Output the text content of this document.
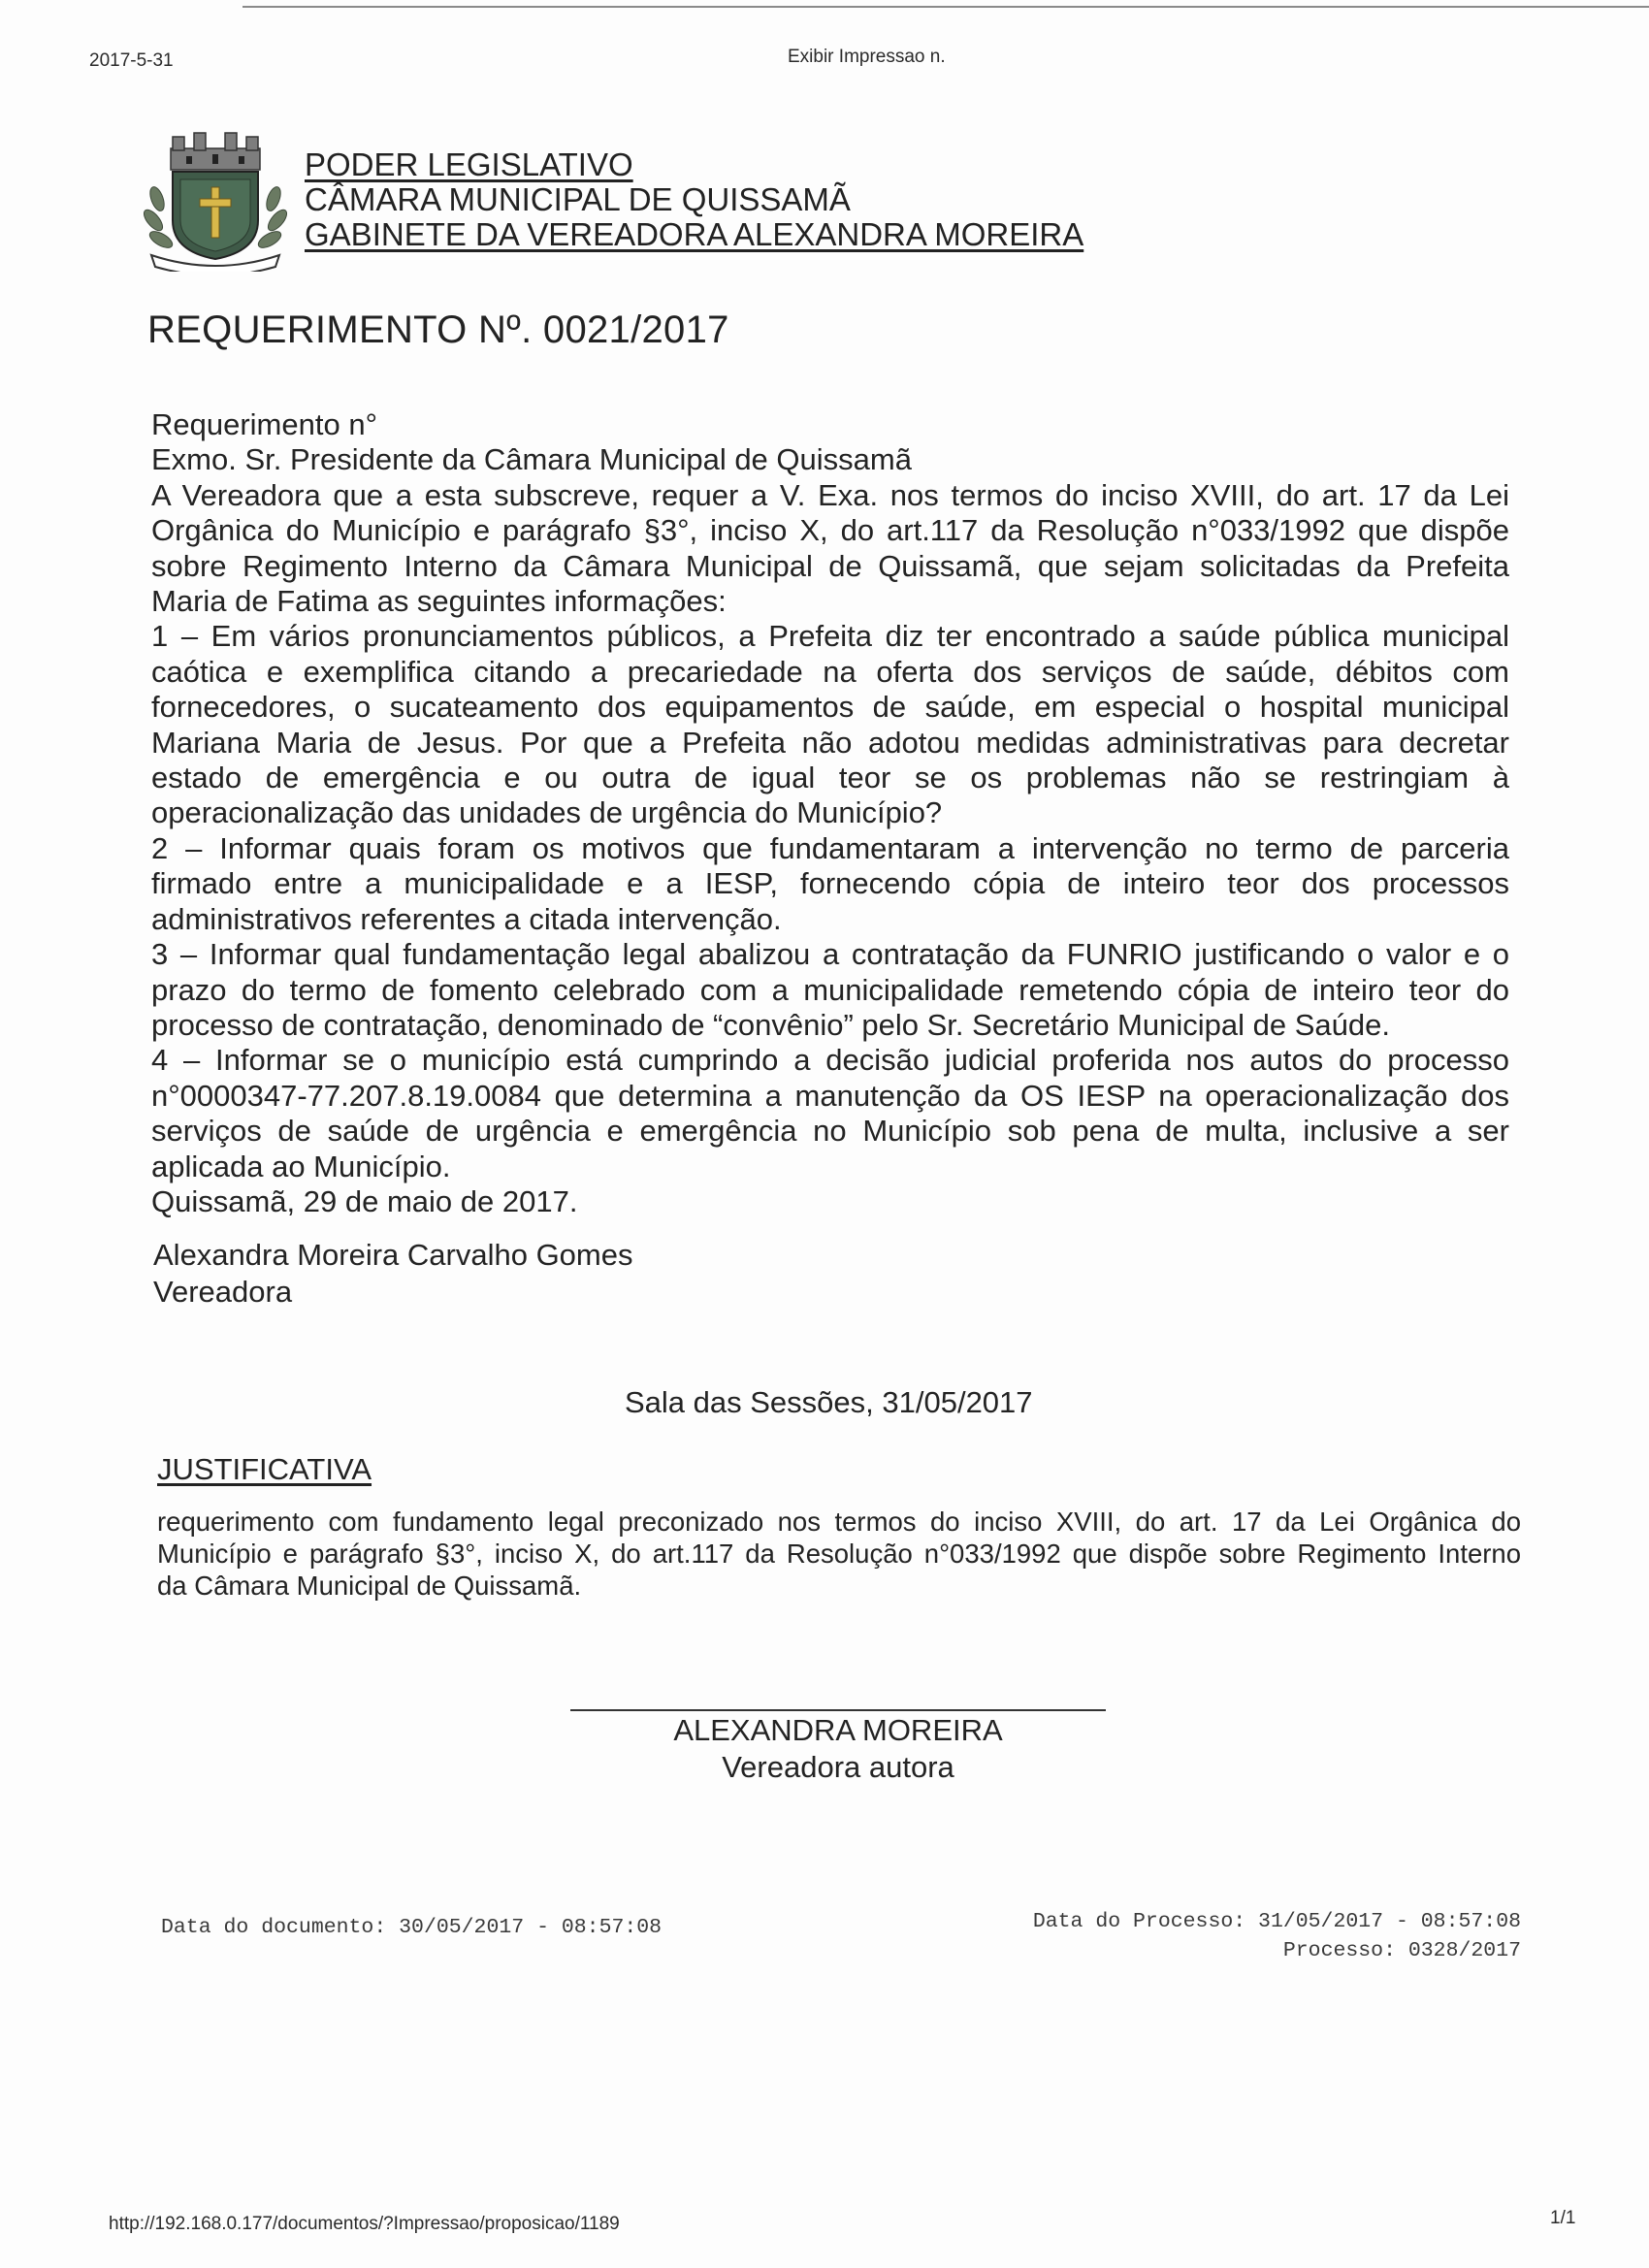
2017-5-31	Exibir Impressao n.
PODER LEGISLATIVO
CÂMARA MUNICIPAL DE QUISSAMÃ
GABINETE DA VEREADORA ALEXANDRA MOREIRA
REQUERIMENTO Nº. 0021/2017
Requerimento n°
Exmo. Sr. Presidente da Câmara Municipal de Quissamã
A Vereadora que a esta subscreve, requer a V. Exa. nos termos do inciso XVIII, do art. 17 da Lei
Orgânica do Município e parágrafo §3°, inciso X, do art.117 da Resolução n°033/1992 que dispõe
sobre Regimento Interno da Câmara Municipal de Quissamã, que sejam solicitadas da Prefeita
Maria de Fatima as seguintes informações:
1 – Em vários pronunciamentos públicos, a Prefeita diz ter encontrado a saúde pública municipal
caótica e exemplifica citando a precariedade na oferta dos serviços de saúde, débitos com
fornecedores, o sucateamento dos equipamentos de saúde, em especial o hospital municipal
Mariana Maria de Jesus. Por que a Prefeita não adotou medidas administrativas para decretar
estado de emergência e ou outra de igual teor se os problemas não se restringiam à
operacionalização das unidades de urgência do Município?
2 – Informar quais foram os motivos que fundamentaram a intervenção no termo de parceria
firmado entre a municipalidade e a IESP, fornecendo cópia de inteiro teor dos processos
administrativos referentes a citada intervenção.
3 – Informar qual fundamentação legal abalizou a contratação da FUNRIO justificando o valor e o
prazo do termo de fomento celebrado com a municipalidade remetendo cópia de inteiro teor do
processo de contratação, denominado de “convênio” pelo Sr. Secretário Municipal de Saúde.
4 – Informar se o município está cumprindo a decisão judicial proferida nos autos do processo
n°0000347-77.207.8.19.0084 que determina a manutenção da OS IESP na operacionalização dos
serviços de saúde de urgência e emergência no Município sob pena de multa, inclusive a ser
aplicada ao Município.
Quissamã, 29 de maio de 2017.
Alexandra Moreira Carvalho Gomes
Vereadora
Sala das Sessões, 31/05/2017
JUSTIFICATIVA
requerimento com fundamento legal preconizado nos termos do inciso XVIII, do art. 17 da Lei Orgânica do
Município e parágrafo §3°, inciso X, do art.117 da Resolução n°033/1992 que dispõe sobre Regimento Interno
da Câmara Municipal de Quissamã.
ALEXANDRA MOREIRA
Vereadora autora
Data do documento: 30/05/2017 - 08:57:08	Data do Processo: 31/05/2017 - 08:57:08
Processo: 0328/2017
http://192.168.0.177/documentos/?Impressao/proposicao/1189	1/1
